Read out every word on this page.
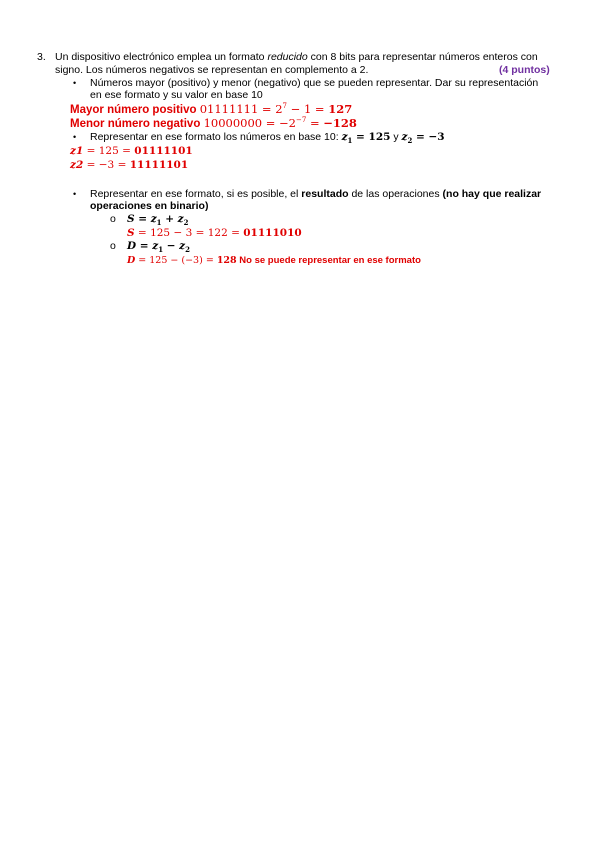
3. Un dispositivo electrónico emplea un formato reducido con 8 bits para representar números enteros con
signo. Los números negativos se representan en complemento a 2.	(4 puntos)
• Números mayor (positivo) y menor (negativo) que se pueden representar. Dar su representación
en ese formato y su valor en base 10
Mayor número positivo $01111111 = 2^7 - 1 = 127$
Menor número negativo $10000000 = -2^{-7} = -128$
• Representar en ese formato los números en base 10: $z_1 = 125$ y $z_2 = -3$
z1 = 125 = 01111101
z2 = −3 = 11111101
• Representar en ese formato, si es posible, el resultado de las operaciones (no hay que realizar
operaciones en binario)
o $S = z_1 + z_2$
S = 125 − 3 = 122 = 01111010
o $D = z_1 - z_2$
D = 125 − (−3) = 128 No se puede representar en ese formato
